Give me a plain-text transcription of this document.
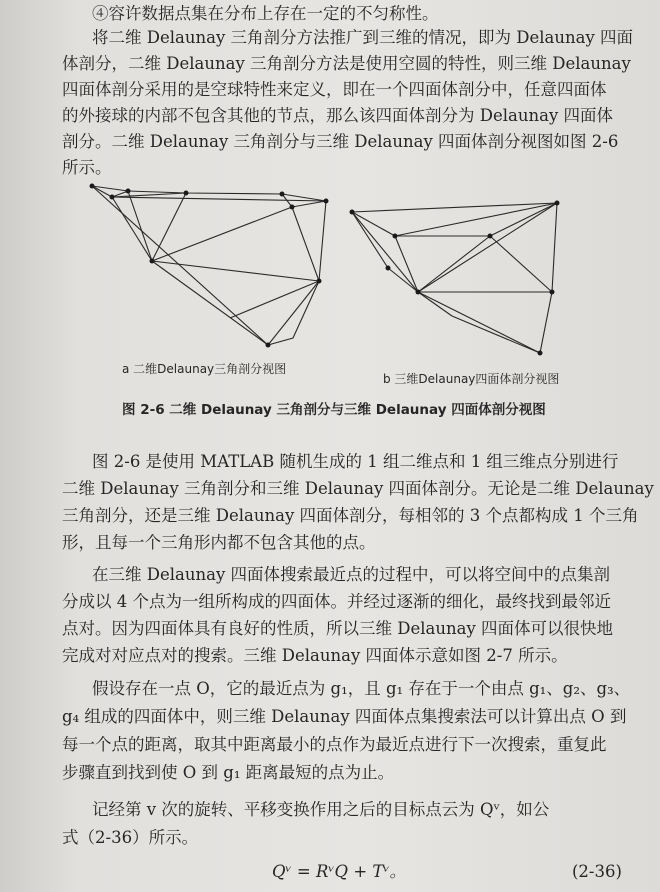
④容许数据点集在分布上存在一定的不匀称性。
将二维 Delaunay 三角剖分方法推广到三维的情况，即为 Delaunay 四面
体剖分，二维 Delaunay 三角剖分方法是使用空圆的特性，则三维 Delaunay
四面体剖分采用的是空球特性来定义，即在一个四面体剖分中，任意四面体
的外接球的内部不包含其他的节点，那么该四面体剖分为 Delaunay 四面体
剖分。二维 Delaunay 三角剖分与三维 Delaunay 四面体剖分视图如图 2-6
所示。
a 二维Delaunay三角剖分视图
b 三维Delaunay四面体剖分视图
图 2-6 二维 Delaunay 三角剖分与三维 Delaunay 四面体剖分视图
图 2-6 是使用 MATLAB 随机生成的 1 组二维点和 1 组三维点分别进行
二维 Delaunay 三角剖分和三维 Delaunay 四面体剖分。无论是二维 Delaunay
三角剖分，还是三维 Delaunay 四面体剖分，每相邻的 3 个点都构成 1 个三角
形，且每一个三角形内都不包含其他的点。
在三维 Delaunay 四面体搜索最近点的过程中，可以将空间中的点集剖
分成以 4 个点为一组所构成的四面体。并经过逐渐的细化，最终找到最邻近
点对。因为四面体具有良好的性质，所以三维 Delaunay 四面体可以很快地
完成对对应点对的搜索。三维 Delaunay 四面体示意如图 2-7 所示。
假设存在一点 O，它的最近点为 g₁，且 g₁ 存在于一个由点 g₁、g₂、g₃、
g₄ 组成的四面体中，则三维 Delaunay 四面体点集搜索法可以计算出点 O 到
每一个点的距离，取其中距离最小的点作为最近点进行下一次搜索，重复此
步骤直到找到使 O 到 g₁ 距离最短的点为止。
记经第 v 次的旋转、平移变换作用之后的目标点云为 Qᵛ，如公
式（2-36）所示。
Qᵛ = RᵛQ + Tᵛ。	(2-36)
